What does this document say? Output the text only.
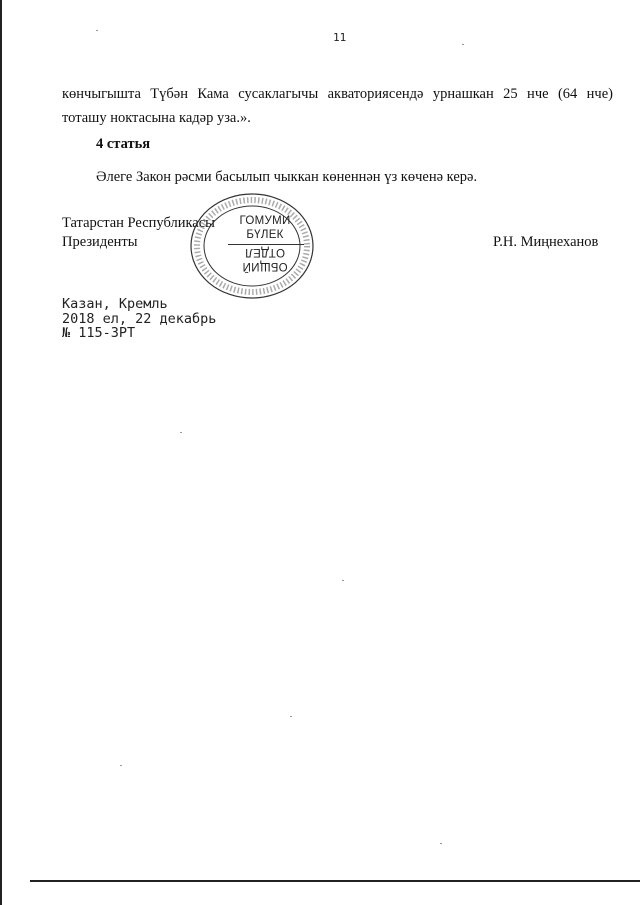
11
көнчыгышта Түбән Кама сусаклагычы акваториясендә урнашкан 25 нче (64 нче)
тоташу ноктасына кадәр уза.».
4 статья
Әлеге Закон рәсми басылып чыккан көненнән үз көченә керә.
Татарстан Республикасы
Президенты	Р.Н. Миңнеханов
ГОМУМИ
БҮЛЕК
ОТДЕЛ
ОБЩИЙ
Казан, Кремль
2018 ел, 22 декабрь
№ 115-ЗРТ
